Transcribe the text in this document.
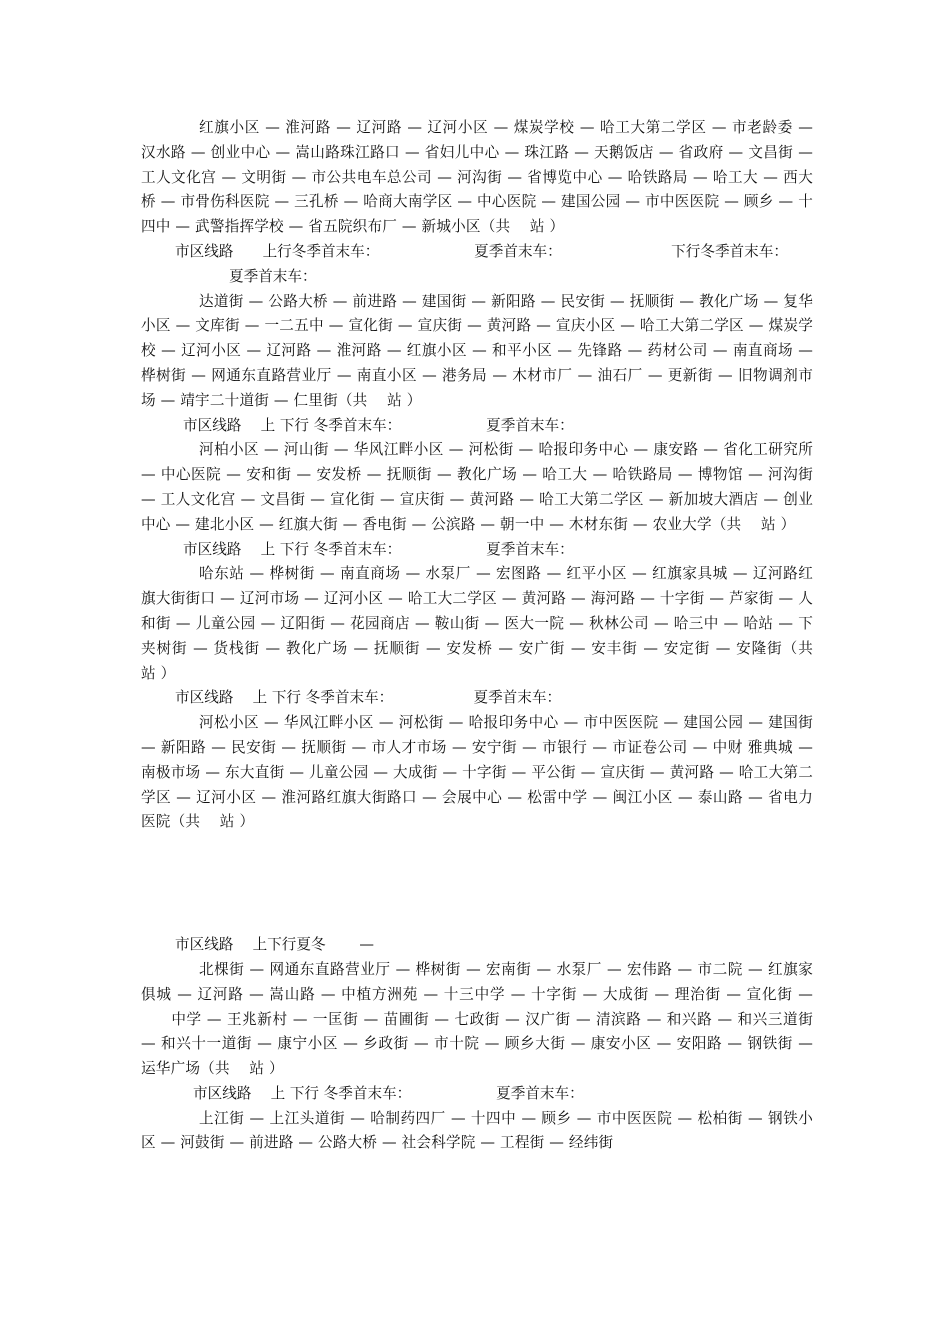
红旗小区 — 淮河路 — 辽河路 — 辽河小区 — 煤炭学校 — 哈工大第二学区 — 市老龄委 — 汉水路 — 创业中心 — 嵩山路珠江路口 — 省妇儿中心 — 珠江路 — 天鹅饭店 — 省政府 — 文昌街 — 工人文化宫 — 文明街 — 市公共电车总公司 — 河沟街 — 省博览中心 — 哈铁路局 — 哈工大 — 西大桥 — 市骨伤科医院 — 三孔桥 — 哈商大南学区 — 中心医院 — 建国公园 — 市中医医院 — 顾乡 — 十四中 — 武警指挥学校 — 省五院织布厂 — 新城小区（共　 站 ）

市区线路　　上行冬季首末车：　　　　　　　夏季首末车：　　　　　　　　下行冬季首末车：

夏季首末车：

达道街 — 公路大桥 — 前进路 — 建国街 — 新阳路 — 民安街 — 抚顺街 — 教化广场 — 复华小区 — 文库街 — 一二五中 — 宣化街 — 宣庆街 — 黄河路 — 宣庆小区 — 哈工大第二学区 — 煤炭学校 — 辽河小区 — 辽河路 — 淮河路 — 红旗小区 — 和平小区 — 先锋路 — 药材公司 — 南直商场 — 桦树街 — 网通东直路营业厅 — 南直小区 — 港务局 — 木材市厂 — 油石厂 — 更新街 — 旧物调剂市场 — 靖宇二十道街 — 仁里街（共　 站 ）

市区线路　 上 下行 冬季首末车：　　　　　　 夏季首末车：

河柏小区 — 河山街 — 华风江畔小区 — 河松街 — 哈报印务中心 — 康安路 — 省化工研究所 — 中心医院 — 安和街 — 安发桥 — 抚顺街 — 教化广场 — 哈工大 — 哈铁路局 — 博物馆 — 河沟街 — 工人文化宫 — 文昌街 — 宣化街 — 宣庆街 — 黄河路 — 哈工大第二学区 — 新加坡大酒店 — 创业中心 — 建北小区 — 红旗大街 — 香电街 — 公滨路 — 朝一中 — 木材东街 — 农业大学（共　 站 ）

市区线路　 上 下行 冬季首末车：　　　　　　 夏季首末车：

哈东站 — 桦树街 — 南直商场 — 水泵厂 — 宏图路 — 红平小区 — 红旗家具城 — 辽河路红旗大街街口 — 辽河市场 — 辽河小区 — 哈工大二学区 — 黄河路 — 海河路 — 十字街 — 芦家街 — 人和街 — 儿童公园 — 辽阳街 — 花园商店 — 鞍山街 — 医大一院 — 秋林公司 — 哈三中 — 哈站 — 下夹树街 — 货栈街 — 教化广场 — 抚顺街 — 安发桥 — 安广街 — 安丰街 — 安定街 — 安隆街（共　 站 ）

市区线路　 上 下行 冬季首末车：　　　　　　夏季首末车：

河松小区 — 华风江畔小区 — 河松街 — 哈报印务中心 — 市中医医院 — 建国公园 — 建国街 — 新阳路 — 民安街 — 抚顺街 — 市人才市场 — 安宁街 — 市银行 — 市证卷公司 — 中财 雅典城 — 南极市场 — 东大直街 — 儿童公园 — 大成街 — 十字街 — 平公街 — 宣庆街 — 黄河路 — 哈工大第二学区 — 辽河小区 — 淮河路红旗大街路口 — 会展中心 — 松雷中学 — 闽江小区 — 泰山路 — 省电力医院（共　 站 ）

市区线路　 上下行夏冬　　 —

北棵街 — 网通东直路营业厅 — 桦树街 — 宏南街 — 水泵厂 — 宏伟路 — 市二院 — 红旗家俱城 — 辽河路 — 嵩山路 — 中植方洲苑 — 十三中学 — 十字街 — 大成街 — 理治街 — 宣化街 — 　　中学 — 王兆新村 — 一匡街 — 苗圃街 — 七政街 — 汉广街 — 清滨路 — 和兴路 — 和兴三道街 — 和兴十一道街 — 康宁小区 — 乡政街 — 市十院 — 顾乡大街 — 康安小区 — 安阳路 — 钢铁街 — 运华广场（共　 站 ）

市区线路　 上 下行 冬季首末车：　　　　　　 夏季首末车：

上江街 — 上江头道街 — 哈制药四厂 — 十四中 — 顾乡 — 市中医医院 — 松柏街 — 钢铁小区 — 河鼓街 — 前进路 — 公路大桥 — 社会科学院 — 工程街 — 经纬街
